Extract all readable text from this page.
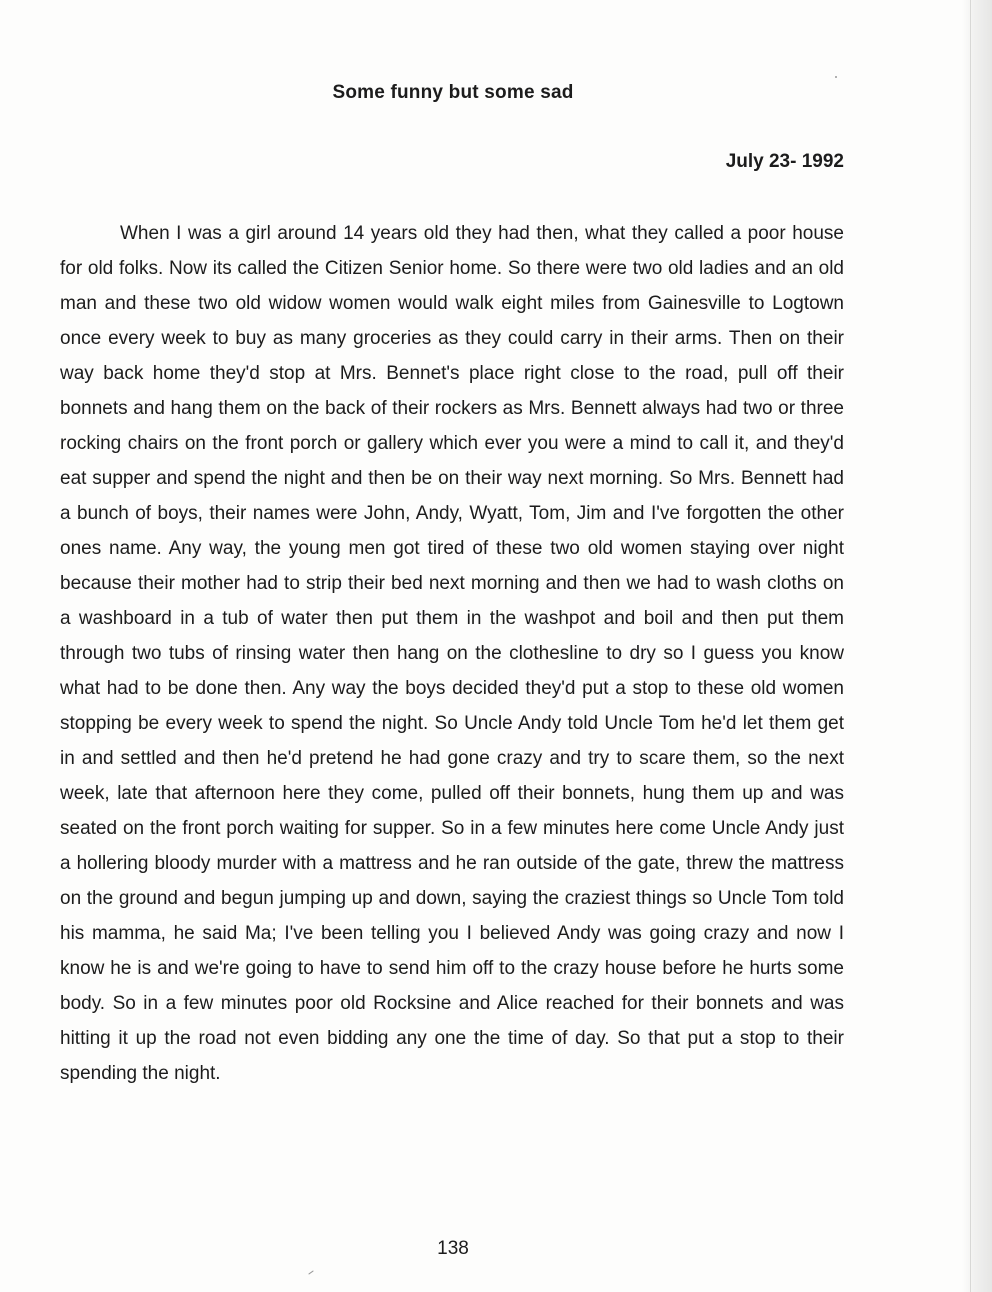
Some funny but some sad
July 23- 1992

When I was a girl around 14 years old they had then, what they called a poor house for old folks. Now its called the Citizen Senior home. So there were two old ladies and an old man and these two old widow women would walk eight miles from Gainesville to Logtown once every week to buy as many groceries as they could carry in their arms. Then on their way back home they'd stop at Mrs. Bennet's place right close to the road, pull off their bonnets and hang them on the back of their rockers as Mrs. Bennett always had two or three rocking chairs on the front porch or gallery which ever you were a mind to call it, and they'd eat supper and spend the night and then be on their way next morning. So Mrs. Bennett had a bunch of boys, their names were John, Andy, Wyatt, Tom, Jim and I've forgotten the other ones name. Any way, the young men got tired of these two old women staying over night because their mother had to strip their bed next morning and then we had to wash cloths on a washboard in a tub of water then put them in the washpot and boil and then put them through two tubs of rinsing water then hang on the clothesline to dry so I guess you know what had to be done then. Any way the boys decided they'd put a stop to these old women stopping be every week to spend the night. So Uncle Andy told Uncle Tom he'd let them get in and settled and then he'd pretend he had gone crazy and try to scare them, so the next week, late that afternoon here they come, pulled off their bonnets, hung them up and was seated on the front porch waiting for supper. So in a few minutes here come Uncle Andy just a hollering bloody murder with a mattress and he ran outside of the gate, threw the mattress on the ground and begun jumping up and down, saying the craziest things so Uncle Tom told his mamma, he said Ma; I've been telling you I believed Andy was going crazy and now I know he is and we're going to have to send him off to the crazy house before he hurts some body. So in a few minutes poor old Rocksine and Alice reached for their bonnets and was hitting it up the road not even bidding any one the time of day. So that put a stop to their spending the night.

138
